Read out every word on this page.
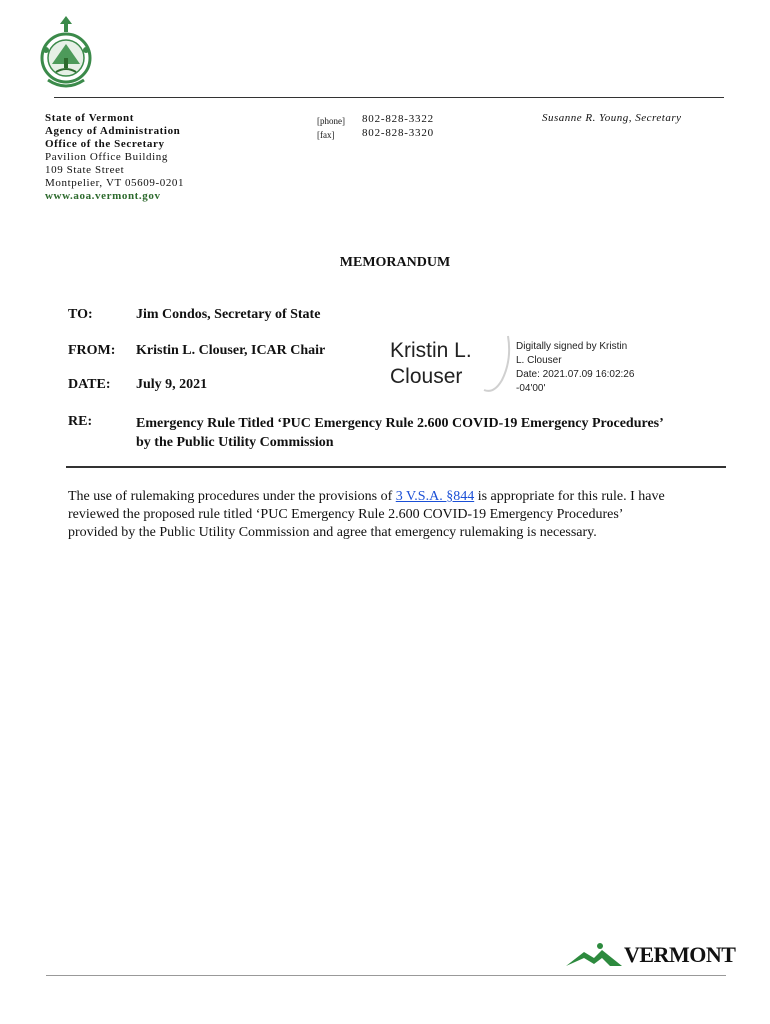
State of Vermont
Agency of Administration
Office of the Secretary
Pavilion Office Building
109 State Street
Montpelier, VT 05609-0201
www.aoa.vermont.gov
[phone]
[fax]
802-828-3322
802-828-3320
Susanne R. Young, Secretary
MEMORANDUM
TO:	Jim Condos, Secretary of State
FROM: Kristin L. Clouser, ICAR Chair
DATE: July 9, 2021
Kristin L.
Clouser
Digitally signed by Kristin
L. Clouser
Date: 2021.07.09 16:02:26
-04'00'
RE:	Emergency Rule Titled ‘PUC Emergency Rule 2.600 COVID-19 Emergency Procedures’
by the Public Utility Commission
The use of rulemaking procedures under the provisions of 3 V.S.A. §844 is appropriate for this rule. I have
reviewed the proposed rule titled ‘PUC Emergency Rule 2.600 COVID-19 Emergency Procedures’
provided by the Public Utility Commission and agree that emergency rulemaking is necessary.
VERMONT
